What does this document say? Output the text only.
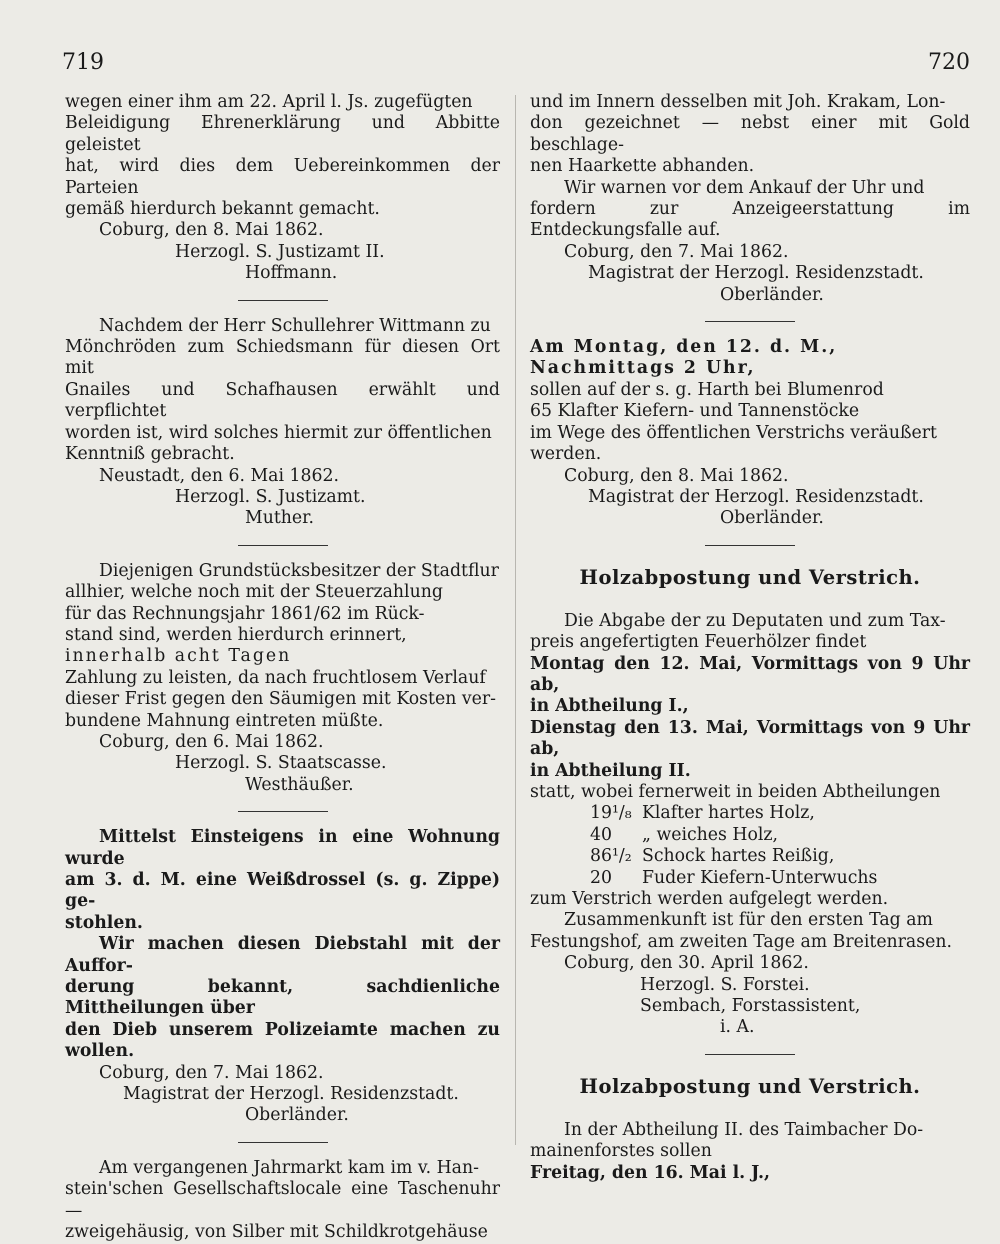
719	720

wegen einer ihm am 22. April l. Js. zugefügten

Beleidigung Ehrenerklärung und Abbitte geleistet

hat, wird dies dem Uebereinkommen der Parteien

gemäß hierdurch bekannt gemacht.

Coburg, den 8. Mai 1862.

Herzogl. S. Justizamt II.

Hoffmann.

Nachdem der Herr Schullehrer Wittmann zu

Mönchröden zum Schiedsmann für diesen Ort mit

Gnailes und Schafhausen erwählt und verpflichtet

worden ist, wird solches hiermit zur öffentlichen

Kenntniß gebracht.

Neustadt, den 6. Mai 1862.

Herzogl. S. Justizamt.

Muther.

Diejenigen Grundstücksbesitzer der Stadtflur

allhier, welche noch mit der Steuerzahlung

für das Rechnungsjahr 1861/62 im Rück-

stand sind, werden hierdurch erinnert,

innerhalb acht Tagen

Zahlung zu leisten, da nach fruchtlosem Verlauf

dieser Frist gegen den Säumigen mit Kosten ver-

bundene Mahnung eintreten müßte.

Coburg, den 6. Mai 1862.

Herzogl. S. Staatscasse.

Westhäußer.

Mittelst Einsteigens in eine Wohnung wurde

am 3. d. M. eine Weißdrossel (s. g. Zippe) ge-

stohlen.

Wir machen diesen Diebstahl mit der Auffor-

derung bekannt, sachdienliche Mittheilungen über

den Dieb unserem Polizeiamte machen zu wollen.

Coburg, den 7. Mai 1862.

Magistrat der Herzogl. Residenzstadt.

Oberländer.

Am vergangenen Jahrmarkt kam im v. Han-

stein'schen Gesellschaftslocale eine Taschenuhr —

zweigehäusig, von Silber mit Schildkrotgehäuse

und im Innern desselben mit Joh. Krakam, Lon-

don gezeichnet — nebst einer mit Gold beschlage-

nen Haarkette abhanden.

Wir warnen vor dem Ankauf der Uhr und

fordern zur Anzeigeerstattung im Entdeckungsfalle auf.

Coburg, den 7. Mai 1862.

Magistrat der Herzogl. Residenzstadt.

Oberländer.

Am Montag, den 12. d. M.,

Nachmittags 2 Uhr,

sollen auf der s. g. Harth bei Blumenrod

65 Klafter Kiefern- und Tannenstöcke

im Wege des öffentlichen Verstrichs veräußert

werden.

Coburg, den 8. Mai 1862.

Magistrat der Herzogl. Residenzstadt.

Oberländer.

Holzabpostung und Verstrich.

Die Abgabe der zu Deputaten und zum Tax-

preis angefertigten Feuerhölzer findet

Montag den 12. Mai, Vormittags von 9 Uhr ab,

in Abtheilung I.,

Dienstag den 13. Mai, Vormittags von 9 Uhr ab,

in Abtheilung II.

statt, wobei fernerweit in beiden Abtheilungen

19¹/₈ Klafter hartes Holz,
40	„ weiches Holz,
86¹/₂ Schock hartes Reißig,
20	Fuder Kiefern-Unterwuchs

zum Verstrich werden aufgelegt werden.

Zusammenkunft ist für den ersten Tag am

Festungshof, am zweiten Tage am Breitenrasen.

Coburg, den 30. April 1862.

Herzogl. S. Forstei.

Sembach, Forstassistent,

i. A.

Holzabpostung und Verstrich.

In der Abtheilung II. des Taimbacher Do-

mainenforstes sollen

Freitag, den 16. Mai l. J.,
